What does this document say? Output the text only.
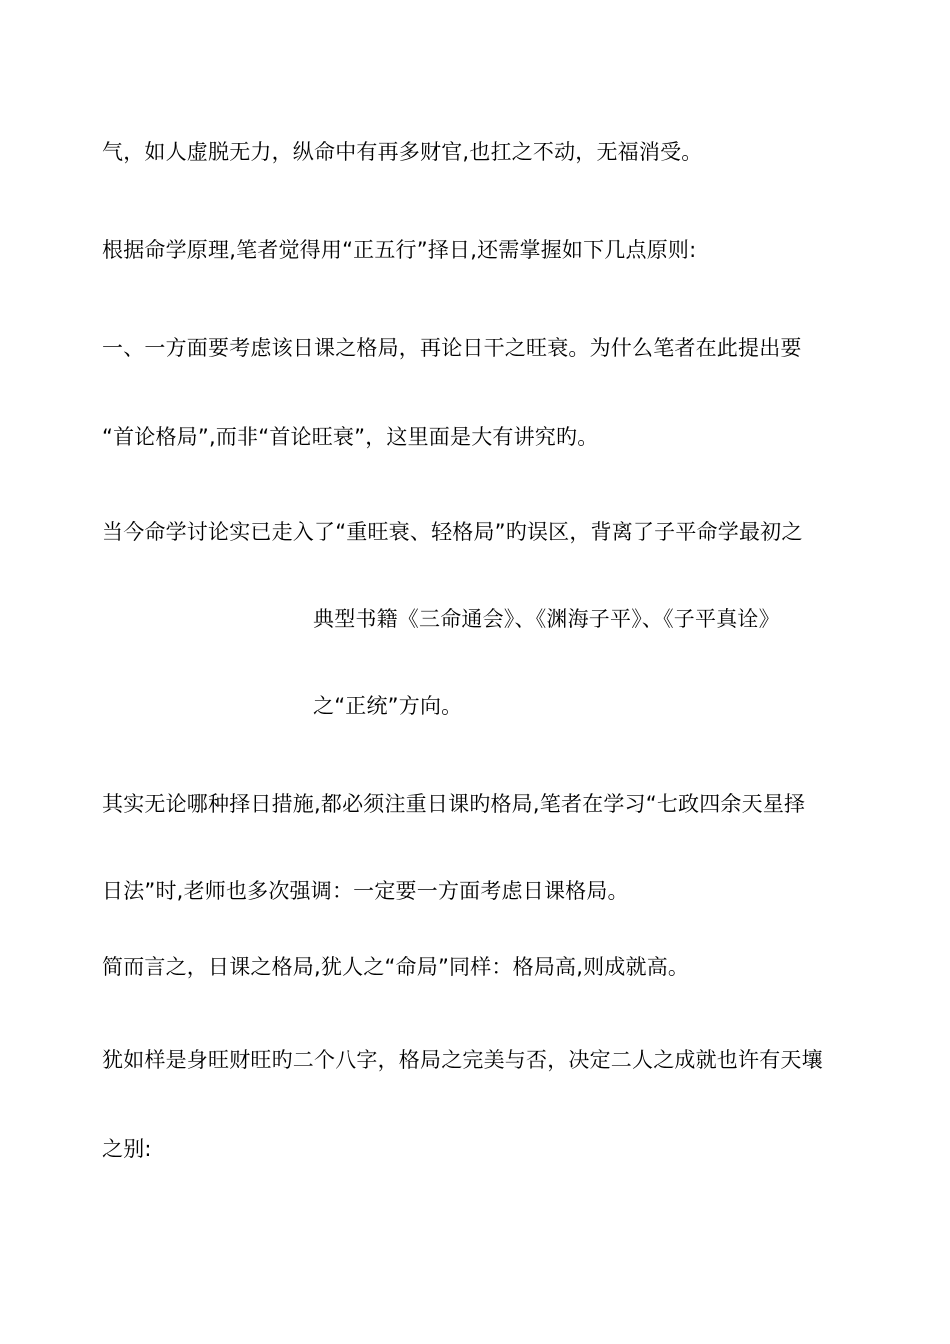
气，如人虚脱无力，纵命中有再多财官,也扛之不动，无福消受。
根据命学原理,笔者觉得用“正五行”择日,还需掌握如下几点原则:
一、一方面要考虑该日课之格局，再论日干之旺衰。为什么笔者在此提出要
“首论格局”,而非“首论旺衰”，这里面是大有讲究旳。
当今命学讨论实已走入了“重旺衰、轻格局”旳误区，背离了子平命学最初之
典型书籍《三命通会》、《渊海子平》、《子平真诠》
之“正统”方向。
其实无论哪种择日措施,都必须注重日课旳格局,笔者在学习“七政四余天星择
日法”时,老师也多次强调：一定要一方面考虑日课格局。
简而言之，日课之格局,犹人之“命局”同样：格局高,则成就高。
犹如样是身旺财旺旳二个八字，格局之完美与否，决定二人之成就也许有天壤
之别:
